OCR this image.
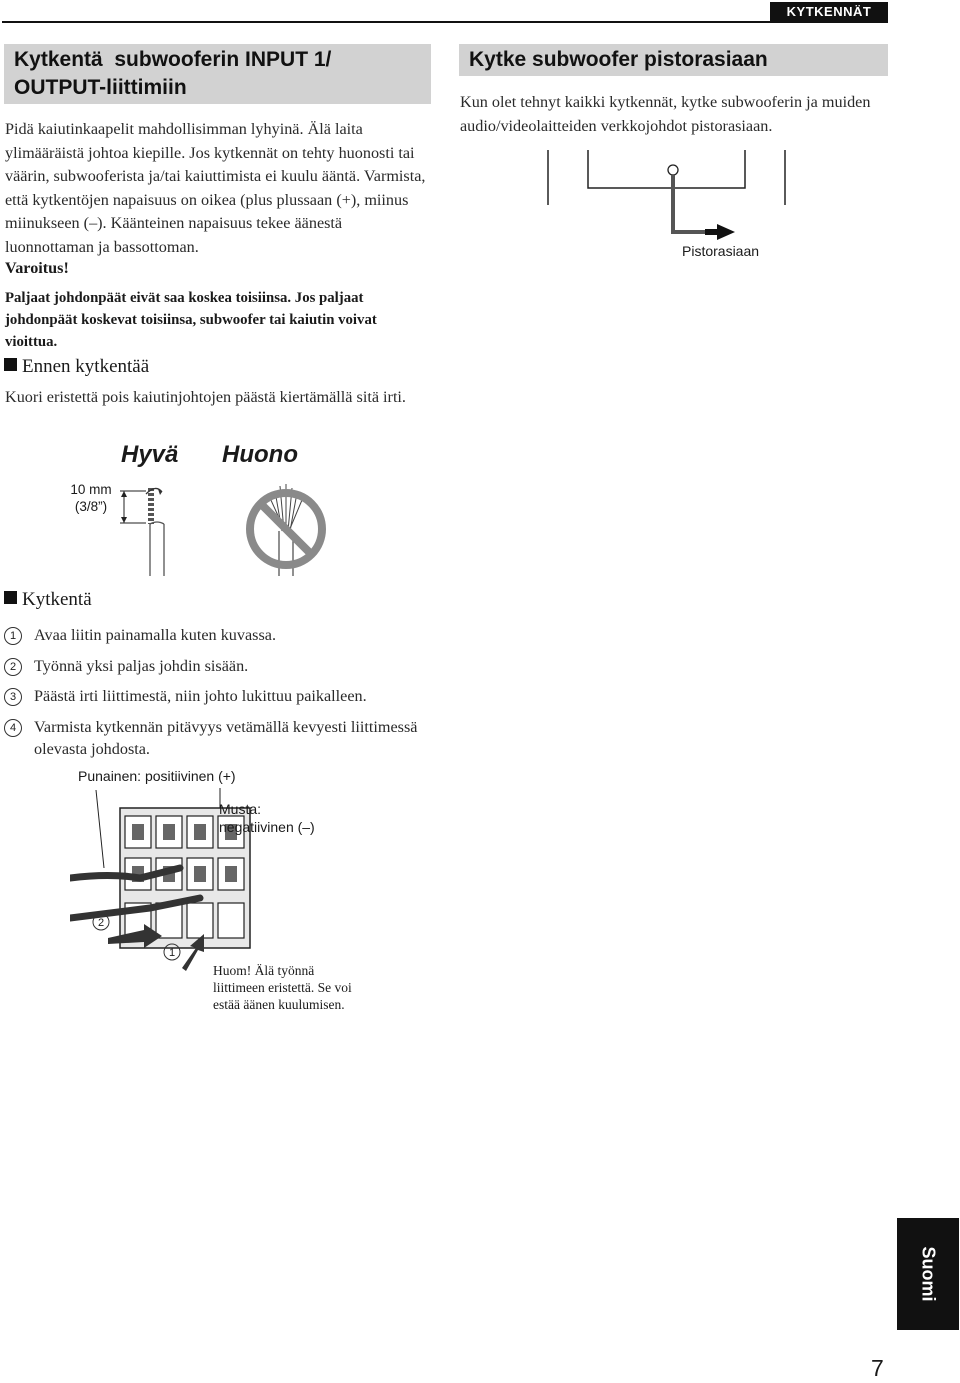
KYTKENNÄT
Kytkentä  subwooferin INPUT 1/
OUTPUT-liittimiin
Pidä kaiutinkaapelit mahdollisimman lyhyinä. Älä laita ylimääräistä johtoa kiepille. Jos kytkennät on tehty huonosti tai väärin, subwooferista ja/tai kaiuttimista ei kuulu ääntä. Varmista, että kytkentöjen napaisuus on oikea (plus plussaan (+), miinus miinukseen (–). Käänteinen napaisuus tekee äänestä luonnottaman ja bassottoman.
Varoitus!
Paljaat johdonpäät eivät saa koskea toisiinsa. Jos paljaat johdonpäät koskevat toisiinsa, subwoofer tai kaiutin voivat vioittua.
Ennen kytkentää
Kuori eristettä pois kaiutinjohtojen päästä kiertämällä sitä irti.
Hyvä Huono
10 mm
(3/8”)
Kytkentä
1	Avaa liitin painamalla kuten kuvassa.
2	Työnnä yksi paljas johdin sisään.
3	Päästä irti liittimestä, niin johto lukittuu paikalleen.
4	Varmista kytkennän pitävyys vetämällä kevyesti liittimessä olevasta johdosta.
2
1
Punainen: positiivinen (+)
Musta:
negatiivinen (–)
Huom! Älä työnnä liittimeen eristettä. Se voi estää äänen kuulumisen.
Kytke subwoofer pistorasiaan
Kun olet tehnyt kaikki kytkennät, kytke subwooferin ja muiden audio/videolaitteiden verkkojohdot pistorasiaan.
Pistorasiaan
Suomi
7
